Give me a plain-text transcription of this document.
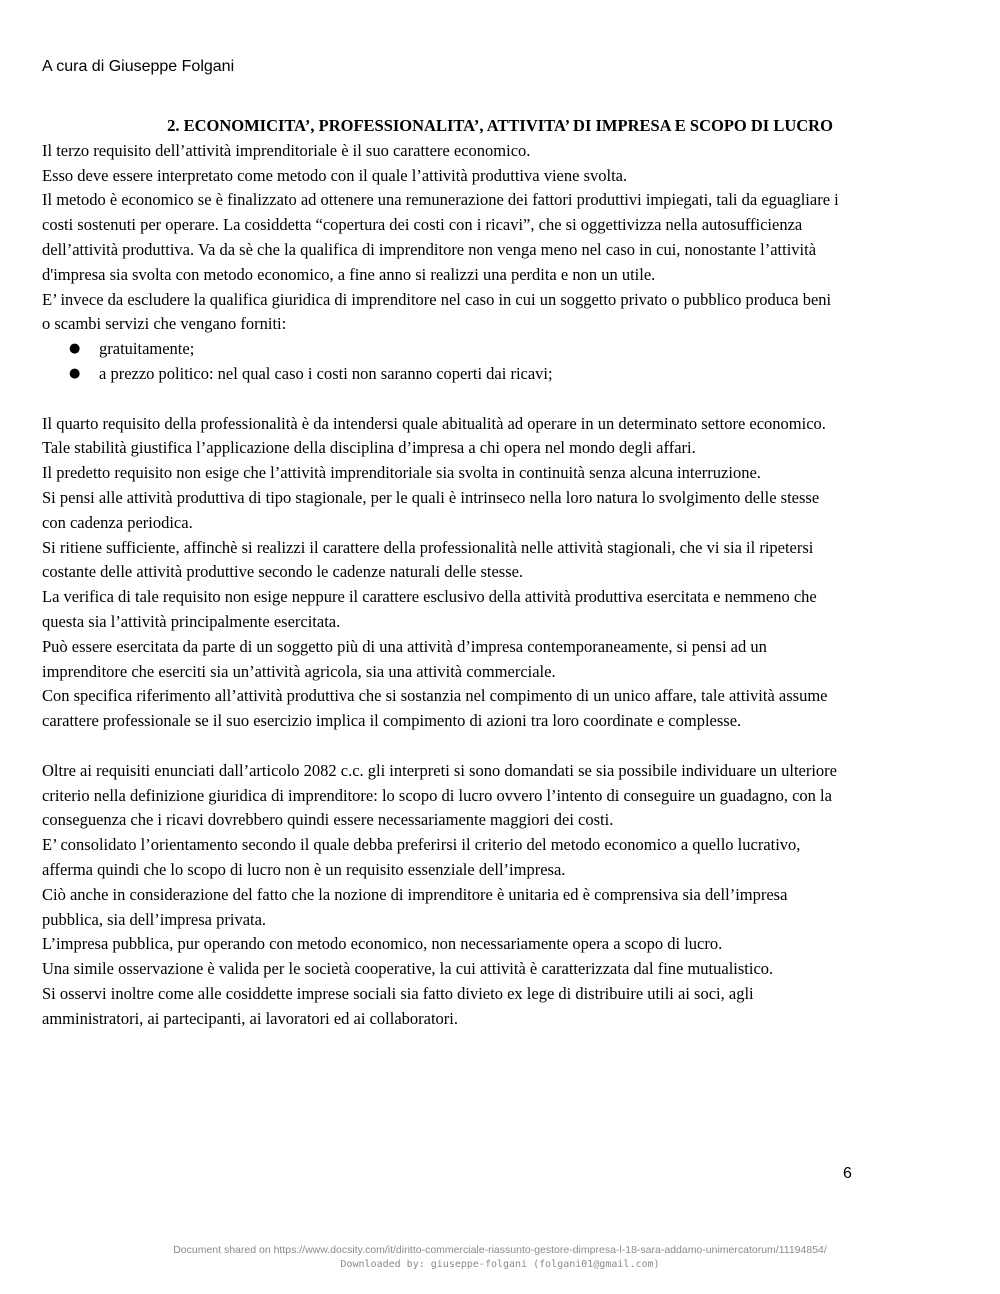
A cura di Giuseppe Folgani

2. ECONOMICITA’, PROFESSIONALITA’, ATTIVITA’ DI IMPRESA E SCOPO DI LUCRO

Il terzo requisito dell’attività imprenditoriale è il suo carattere economico.

Esso deve essere interpretato come metodo con il quale l’attività produttiva viene svolta.

Il metodo è economico se è finalizzato ad ottenere una remunerazione dei fattori produttivi impiegati, tali da eguagliare i

costi sostenuti per operare. La cosiddetta “copertura dei costi con i ricavi”, che si oggettivizza nella autosufficienza

dell’attività produttiva. Va da sè che la qualifica di imprenditore non venga meno nel caso in cui, nonostante l’attività

d'impresa sia svolta con metodo economico, a fine anno si realizzi una perdita e non un utile.

E’ invece da escludere la qualifica giuridica di imprenditore nel caso in cui un soggetto privato o pubblico produca beni

o scambi servizi che vengano forniti:

● gratuitamente;
● a prezzo politico: nel qual caso i costi non saranno coperti dai ricavi;

Il quarto requisito della professionalità è da intendersi quale abitualità ad operare in un determinato settore economico.

Tale stabilità giustifica l’applicazione della disciplina d’impresa a chi opera nel mondo degli affari.

Il predetto requisito non esige che l’attività imprenditoriale sia svolta in continuità senza alcuna interruzione.

Si pensi alle attività produttiva di tipo stagionale, per le quali è intrinseco nella loro natura lo svolgimento delle stesse

con cadenza periodica.

Si ritiene sufficiente, affinchè si realizzi il carattere della professionalità nelle attività stagionali, che vi sia il ripetersi

costante delle attività produttive secondo le cadenze naturali delle stesse.

La verifica di tale requisito non esige neppure il carattere esclusivo della attività produttiva esercitata e nemmeno che

questa sia l’attività principalmente esercitata.

Può essere esercitata da parte di un soggetto più di una attività d’impresa contemporaneamente, si pensi ad un

imprenditore che eserciti sia un’attività agricola, sia una attività commerciale.

Con specifica riferimento all’attività produttiva che si sostanzia nel compimento di un unico affare, tale attività assume

carattere professionale se il suo esercizio implica il compimento di azioni tra loro coordinate e complesse.

Oltre ai requisiti enunciati dall’articolo 2082 c.c. gli interpreti si sono domandati se sia possibile individuare un ulteriore

criterio nella definizione giuridica di imprenditore: lo scopo di lucro ovvero l’intento di conseguire un guadagno, con la

conseguenza che i ricavi dovrebbero quindi essere necessariamente maggiori dei costi.

E’ consolidato l’orientamento secondo il quale debba preferirsi il criterio del metodo economico a quello lucrativo,

afferma quindi che lo scopo di lucro non è un requisito essenziale dell’impresa.

Ciò anche in considerazione del fatto che la nozione di imprenditore è unitaria ed è comprensiva sia dell’impresa

pubblica, sia dell’impresa privata.

L’impresa pubblica, pur operando con metodo economico, non necessariamente opera a scopo di lucro.

Una simile osservazione è valida per le società cooperative, la cui attività è caratterizzata dal fine mutualistico.

Si osservi inoltre come alle cosiddette imprese sociali sia fatto divieto ex lege di distribuire utili ai soci, agli

amministratori, ai partecipanti, ai lavoratori ed ai collaboratori.

6

Document shared on https://www.docsity.com/it/diritto-commerciale-riassunto-gestore-dimpresa-l-18-sara-addamo-unimercatorum/11194854/

Downloaded by: giuseppe-folgani (folgani01@gmail.com)
